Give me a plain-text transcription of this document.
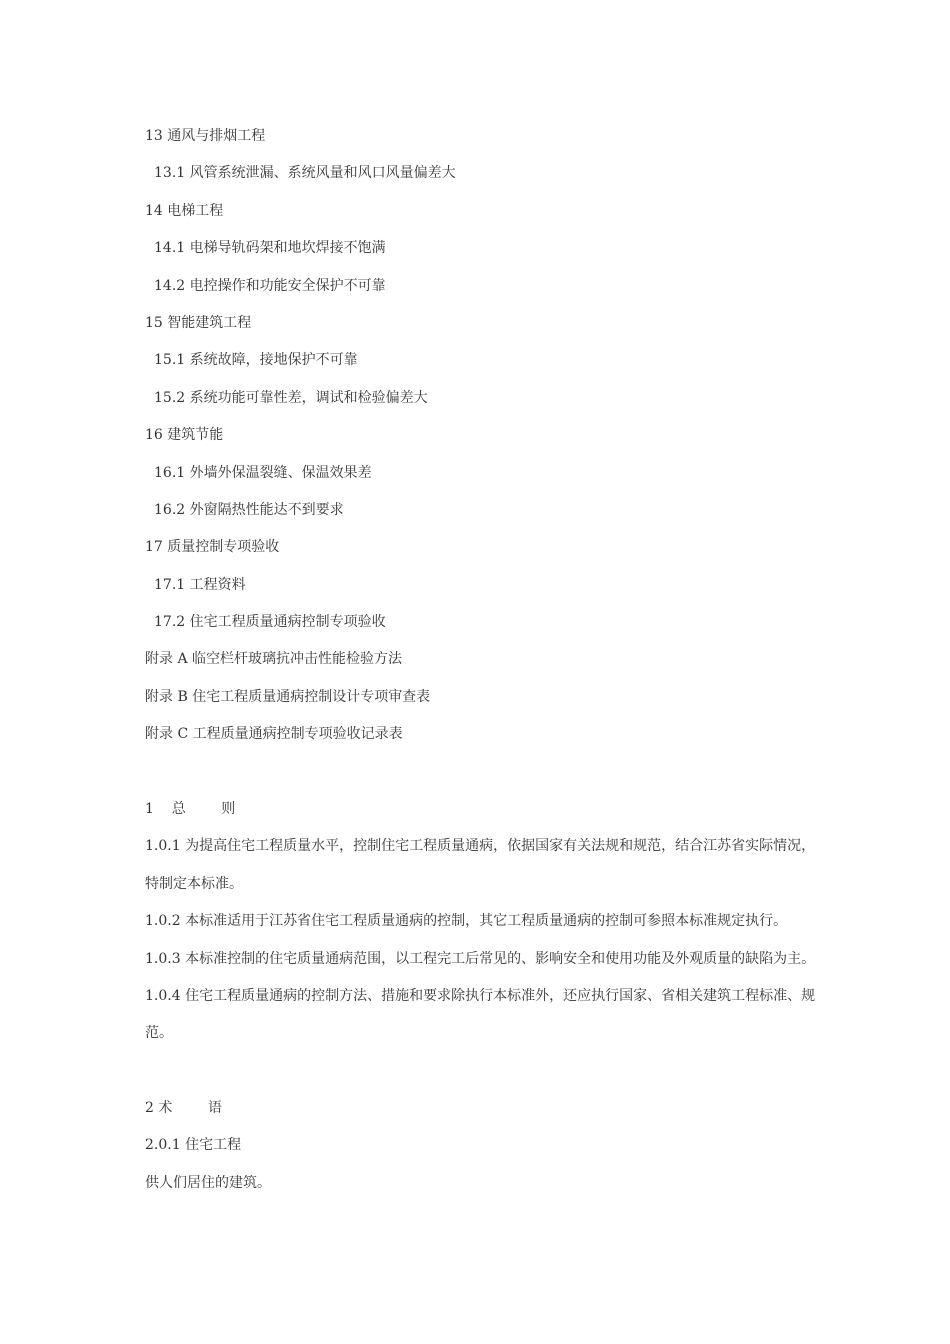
13 通风与排烟工程
13.1 风管系统泄漏、系统风量和风口风量偏差大
14 电梯工程
14.1 电梯导轨码架和地坎焊接不饱满
14.2 电控操作和功能安全保护不可靠
15 智能建筑工程
15.1 系统故障，接地保护不可靠
15.2 系统功能可靠性差，调试和检验偏差大
16 建筑节能
16.1 外墙外保温裂缝、保温效果差
16.2 外窗隔热性能达不到要求
17 质量控制专项验收
17.1 工程资料
17.2 住宅工程质量通病控制专项验收
附录 A 临空栏杆玻璃抗冲击性能检验方法
附录 B 住宅工程质量通病控制设计专项审查表
附录 C 工程质量通病控制专项验收记录表
1    总        则
1.0.1 为提高住宅工程质量水平，控制住宅工程质量通病，依据国家有关法规和规范，结合江苏省实际情况，
特制定本标准。
1.0.2 本标准适用于江苏省住宅工程质量通病的控制，其它工程质量通病的控制可参照本标准规定执行。
1.0.3 本标准控制的住宅质量通病范围，以工程完工后常见的、影响安全和使用功能及外观质量的缺陷为主。
1.0.4 住宅工程质量通病的控制方法、措施和要求除执行本标准外，还应执行国家、省相关建筑工程标准、规
范。
2 术        语
2.0.1 住宅工程
供人们居住的建筑。
